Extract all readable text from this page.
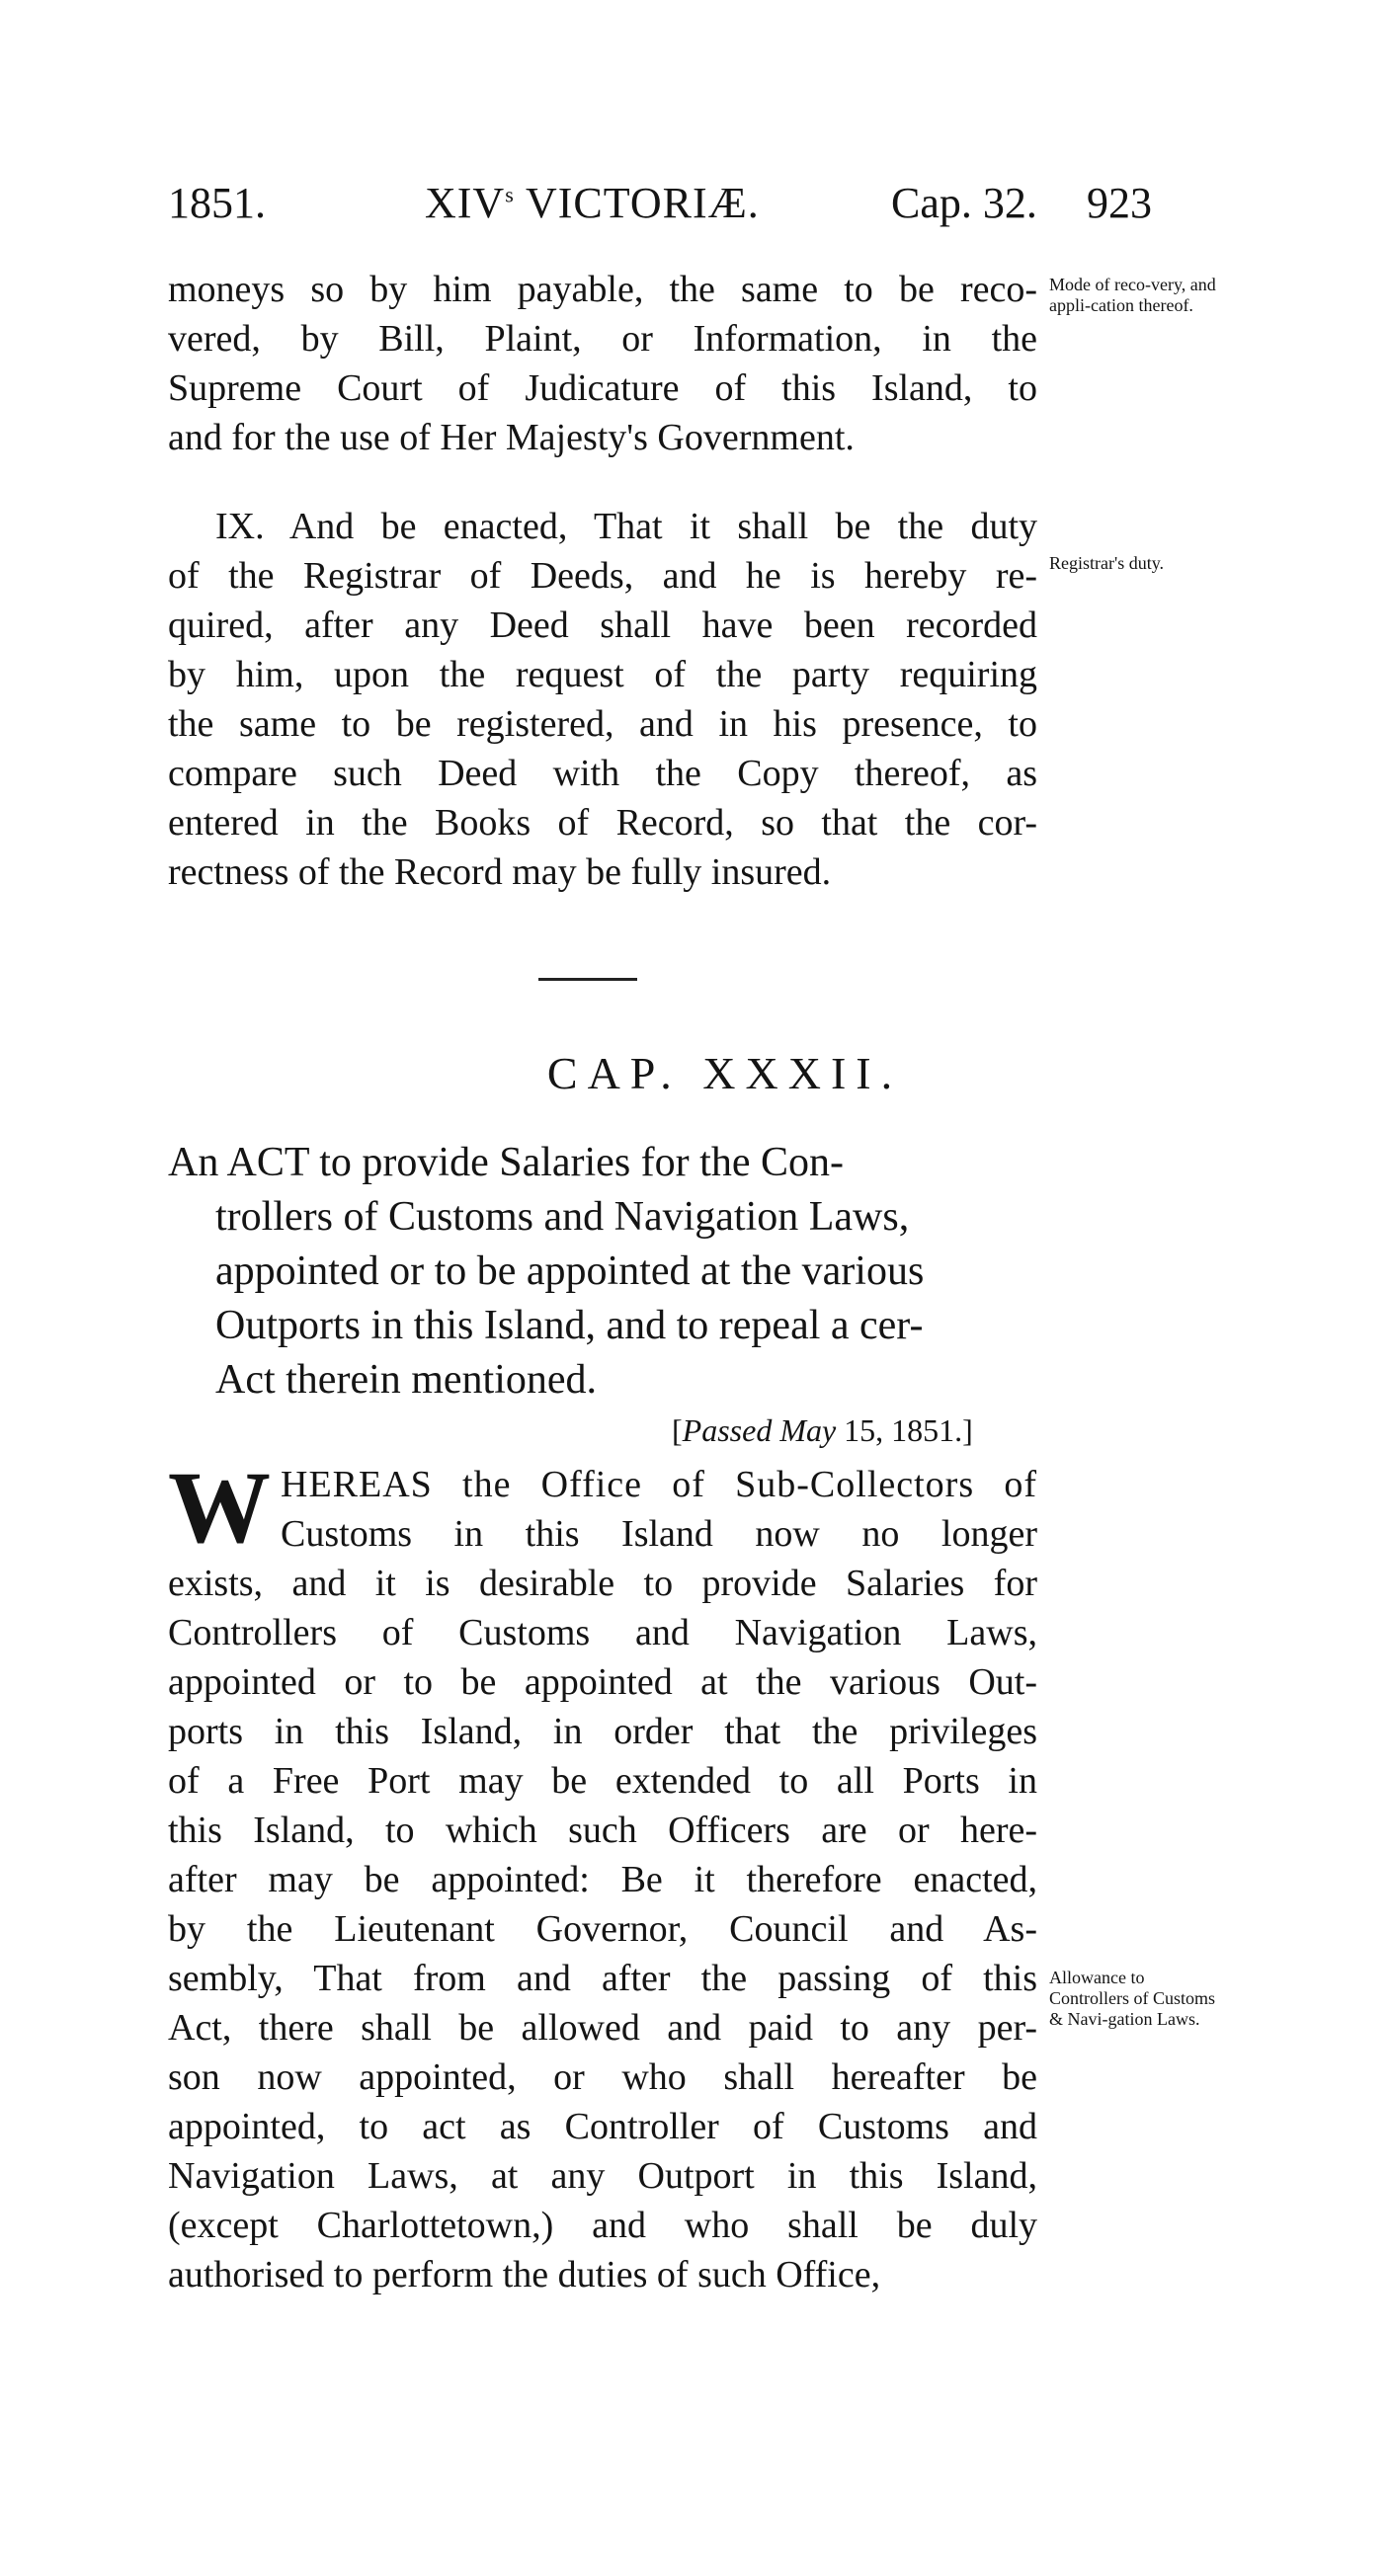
1851.	XIV$^s$ VICTORIÆ.	Cap. 32. 923
moneys so by him payable, the same to be reco-
vered, by Bill, Plaint, or Information, in the
Supreme Court of Judicature of this Island, to
and for the use of Her Majesty's Government.
Mode of reco-very, and appli-cation thereof.
IX. And be enacted, That it shall be the duty
of the Registrar of Deeds, and he is hereby re-
quired, after any Deed shall have been recorded
by him, upon the request of the party requiring
the same to be registered, and in his presence, to
compare such Deed with the Copy thereof, as
entered in the Books of Record, so that the cor-
rectness of the Record may be fully insured.
Registrar's duty.
CAP. XXXII.
An ACT to provide Salaries for the Con-
trollers of Customs and Navigation Laws,
appointed or to be appointed at the various
Outports in this Island, and to repeal a cer-
Act therein mentioned.
[Passed May 15, 1851.]
W HEREAS the Office of Sub-Collectors of
Customs in this Island now no longer
exists, and it is desirable to provide Salaries for
Controllers of Customs and Navigation Laws,
appointed or to be appointed at the various Out-
ports in this Island, in order that the privileges
of a Free Port may be extended to all Ports in
this Island, to which such Officers are or here-
after may be appointed: Be it therefore enacted,
by the Lieutenant Governor, Council and As-
sembly, That from and after the passing of this
Act, there shall be allowed and paid to any per-
son now appointed, or who shall hereafter be
appointed, to act as Controller of Customs and
Navigation Laws, at any Outport in this Island,
(except Charlottetown,) and who shall be duly
authorised to perform the duties of such Office,
Allowance to Controllers of Customs & Navi-gation Laws.
